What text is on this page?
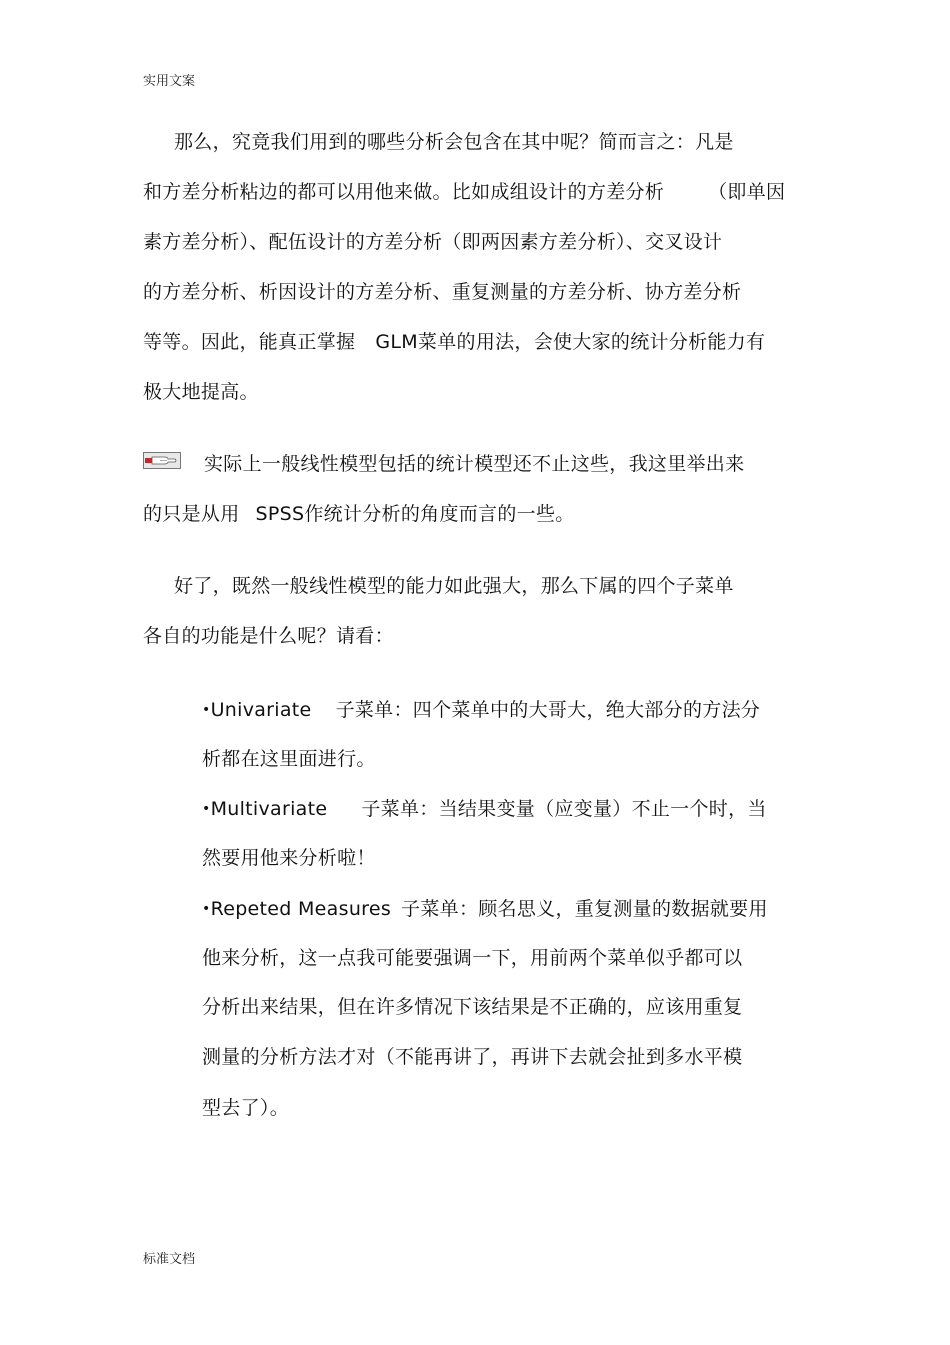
实用文案
那么，究竟我们用到的哪些分析会包含在其中呢？简而言之：凡是
和方差分析粘边的都可以用他来做。比如成组设计的方差分析 （即单因
素方差分析）、配伍设计的方差分析（即两因素方差分析）、交叉设计
的方差分析、析因设计的方差分析、重复测量的方差分析、协方差分析
等等。因此，能真正掌握 GLM菜单的用法，会使大家的统计分析能力有
极大地提高。
实际上一般线性模型包括的统计模型还不止这些，我这里举出来
的只是从用 SPSS作统计分析的角度而言的一些。
好了，既然一般线性模型的能力如此强大，那么下属的四个子菜单
各自的功能是什么呢？请看：
•Univariate 子菜单：四个菜单中的大哥大，绝大部分的方法分
析都在这里面进行。
•Multivariate 子菜单：当结果变量（应变量）不止一个时，当
然要用他来分析啦！
•Repeted Measures 子菜单：顾名思义，重复测量的数据就要用
他来分析，这一点我可能要强调一下，用前两个菜单似乎都可以
分析出来结果，但在许多情况下该结果是不正确的，应该用重复
测量的分析方法才对（不能再讲了，再讲下去就会扯到多水平模
型去了）。
标准文档
